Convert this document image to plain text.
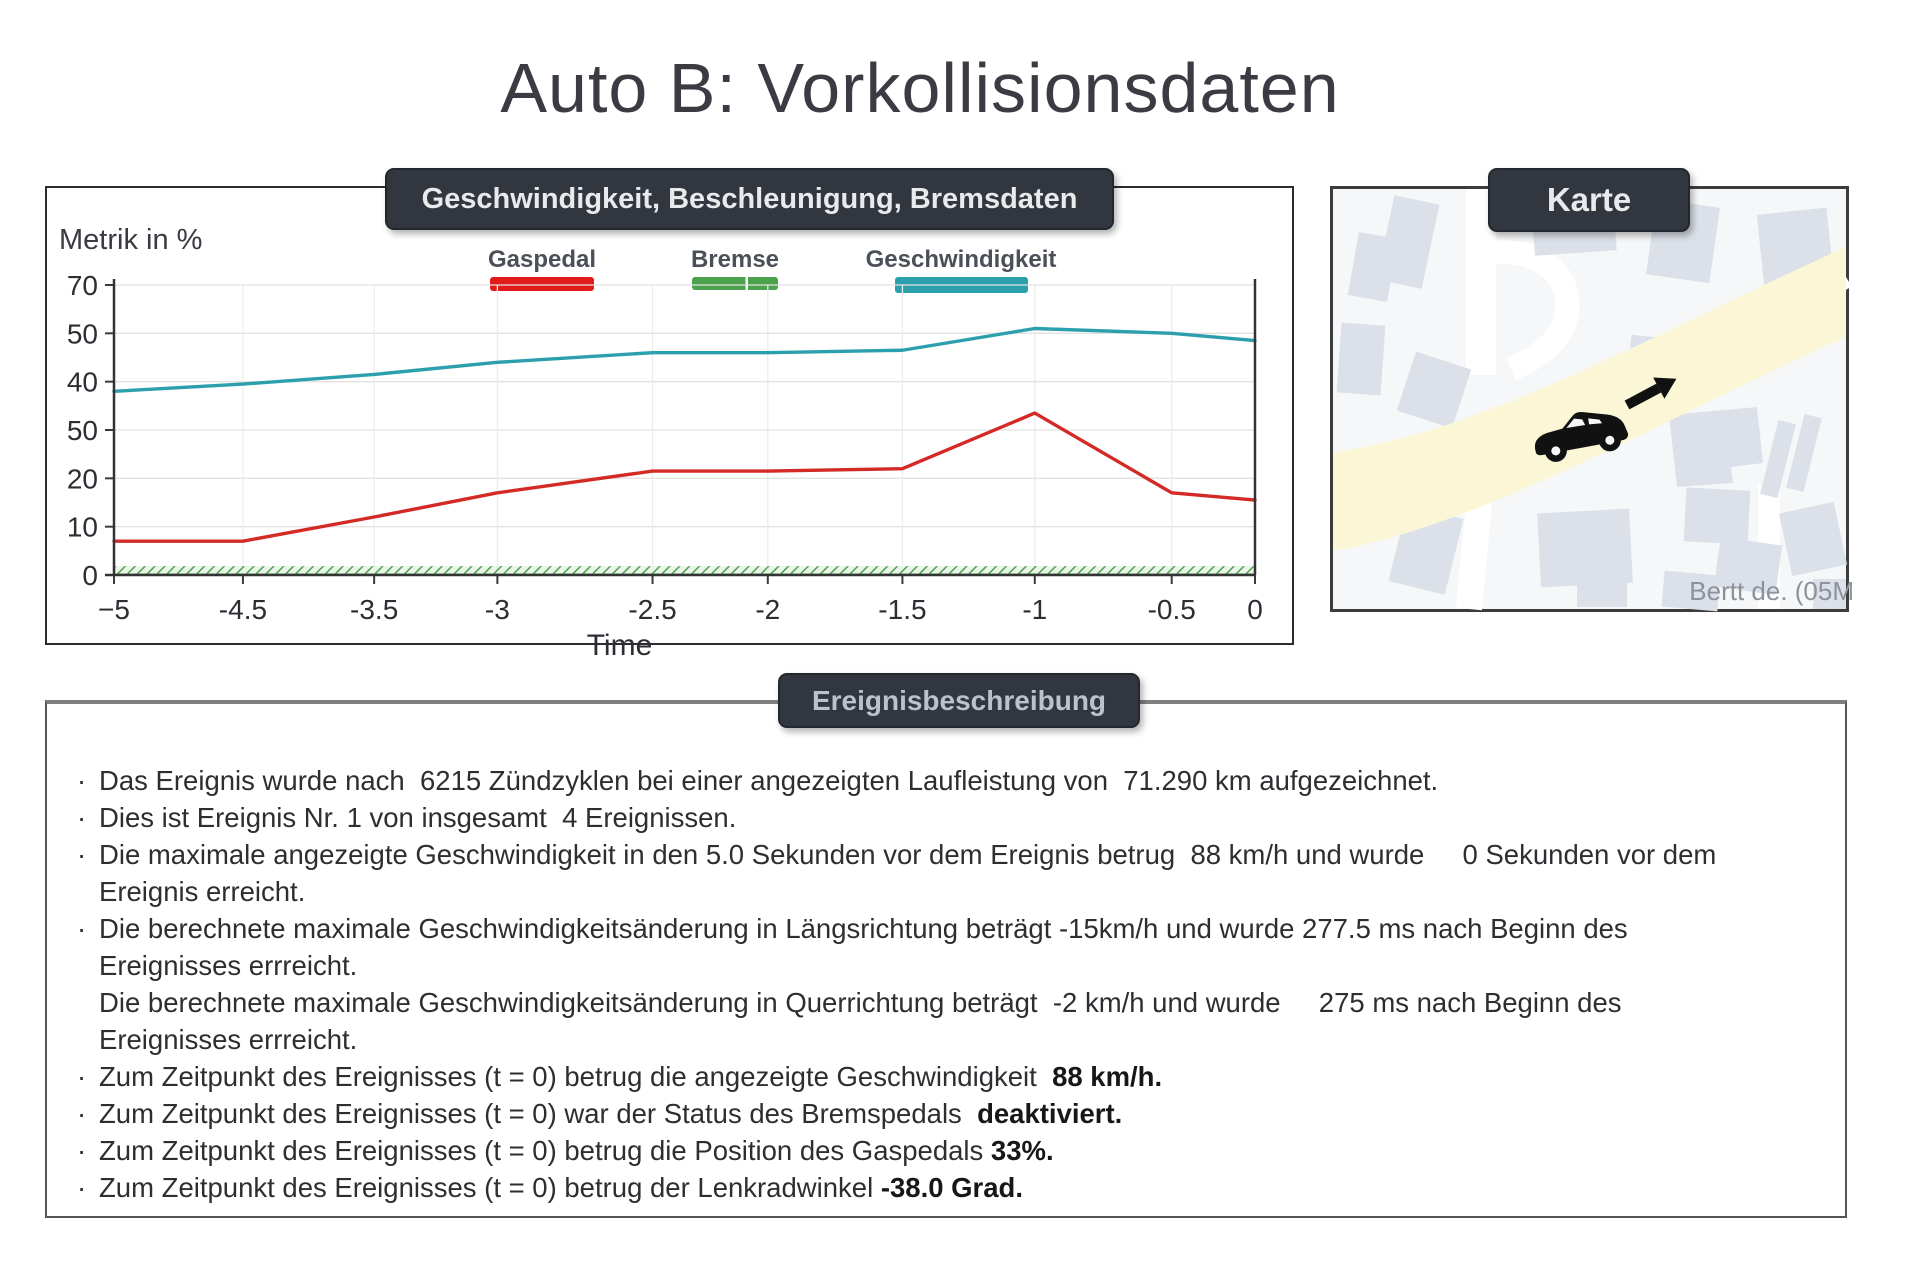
Auto B: Vorkollisionsdaten
Geschwindigkeit, Beschleunigung, Bremsdaten
Metrik in %
Gaspedal	Bremse	Geschwindigkeit
70
50
40
50
20
10
0
−5	-4.5	-3.5	-3	-2.5	-2	-1.5	-1	-0.5 0
Time
Bertt de. (05M
Karte
· Das Ereignis wurde nach  6215 Zündzyklen bei einer angezeigten Laufleistung von  71.290 km aufgezeichnet.
· Dies ist Ereignis Nr. 1 von insgesamt  4 Ereignissen.
· Die maximale angezeigte Geschwindigkeit in den 5.0 Sekunden vor dem Ereignis betrug  88 km/h und wurde     0 Sekunden vor dem
Ereignis erreicht.
· Die berechnete maximale Geschwindigkeitsänderung in Längsrichtung beträgt -15km/h und wurde 277.5 ms nach Beginn des
Ereignisses errreicht.
Die berechnete maximale Geschwindigkeitsänderung in Querrichtung beträgt  -2 km/h und wurde     275 ms nach Beginn des
Ereignisses errreicht.
· Zum Zeitpunkt des Ereignisses (t = 0) betrug die angezeigte Geschwindigkeit  88 km/h.
· Zum Zeitpunkt des Ereignisses (t = 0) war der Status des Bremspedals  deaktiviert.
· Zum Zeitpunkt des Ereignisses (t = 0) betrug die Position des Gaspedals 33%.
· Zum Zeitpunkt des Ereignisses (t = 0) betrug der Lenkradwinkel -38.0 Grad.
Ereignisbeschreibung
